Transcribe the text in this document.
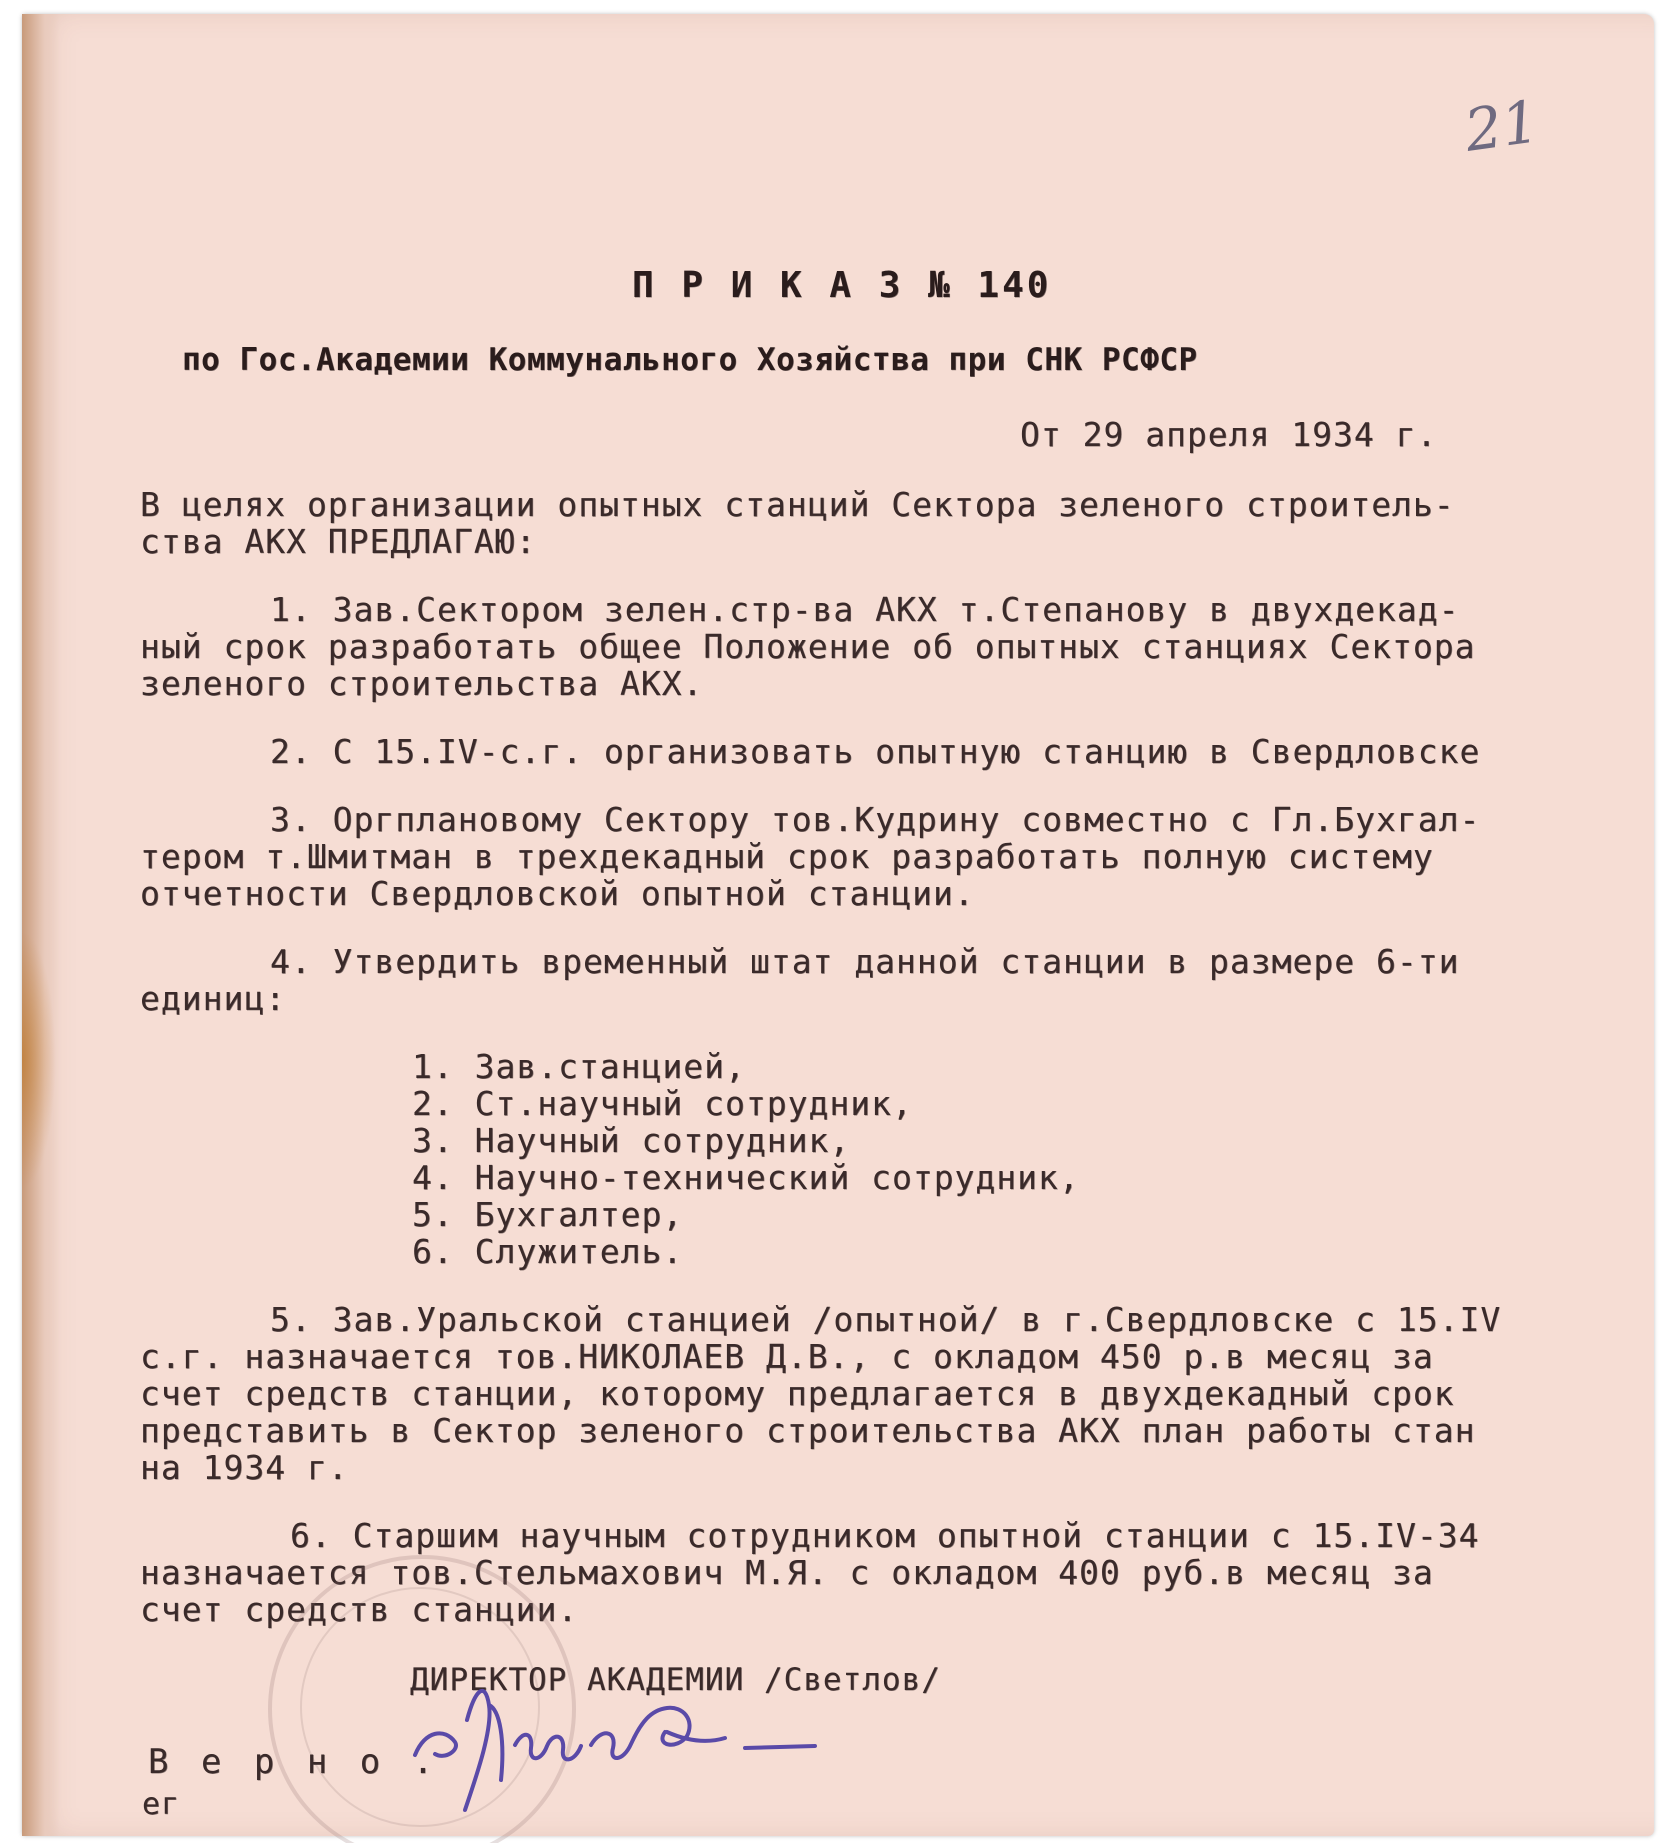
21
П Р И К А З № 140
по Гос.Академии Коммунального Хозяйства при СНК РСФСР
От 29 апреля 1934 г.
В целях организации опытных станций Сектора зеленого строитель-
ства АКХ ПРЕДЛАГАЮ:
1. Зав.Сектором зелен.стр-ва АКХ т.Степанову в двухдекад-
ный срок разработать общее Положение об опытных станциях Сектора
зеленого строительства АКХ.
2. С 15.IV-с.г. организовать опытную станцию в Свердловске
3. Оргплановому Сектору тов.Кудрину совместно с Гл.Бухгал-
тером т.Шмитман в трехдекадный срок разработать полную систему
отчетности Свердловской опытной станции.
4. Утвердить временный штат данной станции в размере 6-ти
единиц:
1. Зав.станцией,
2. Ст.научный сотрудник,
3. Научный сотрудник,
4. Научно-технический сотрудник,
5. Бухгалтер,
6. Служитель.
5. Зав.Уральской станцией /опытной/ в г.Свердловске с 15.IV
с.г. назначается тов.НИКОЛАЕВ Д.В., с окладом 450 р.в месяц за
счет средств станции, которому предлагается в двухдекадный срок
представить в Сектор зеленого строительства АКХ план работы стан
на 1934 г.
6. Старшим научным сотрудником опытной станции с 15.IV-34
назначается тов.Стельмахович М.Я. с окладом 400 руб.в месяц за
счет средств станции.
ДИРЕКТОР АКАДЕМИИ /Светлов/
В е р н о .
ег
